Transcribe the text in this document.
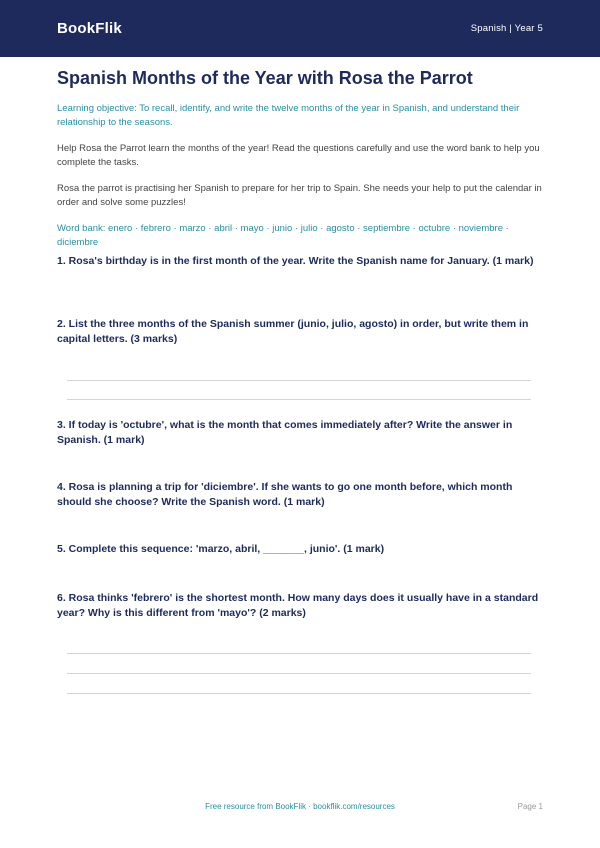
BookFlik	Spanish | Year 5
Spanish Months of the Year with Rosa the Parrot

Learning objective: To recall, identify, and write the twelve months of the year in Spanish, and understand their relationship to the seasons.

Help Rosa the Parrot learn the months of the year! Read the questions carefully and use the word bank to help you complete the tasks.

Rosa the parrot is practising her Spanish to prepare for her trip to Spain. She needs your help to put the calendar in order and solve some puzzles!

Word bank: enero · febrero · marzo · abril · mayo · junio · julio · agosto · septiembre · octubre · noviembre · diciembre

1. Rosa's birthday is in the first month of the year. Write the Spanish name for January. (1 mark)
2. List the three months of the Spanish summer (junio, julio, agosto) in order, but write them in capital letters. (3 marks)
3. If today is 'octubre', what is the month that comes immediately after? Write the answer in Spanish. (1 mark)
4. Rosa is planning a trip for 'diciembre'. If she wants to go one month before, which month should she choose? Write the Spanish word. (1 mark)
5. Complete this sequence: 'marzo, abril, _______, junio'. (1 mark)
6. Rosa thinks 'febrero' is the shortest month. How many days does it usually have in a standard year? Why is this different from 'mayo'? (2 marks)
Free resource from BookFlik · bookflik.com/resources	Page 1
